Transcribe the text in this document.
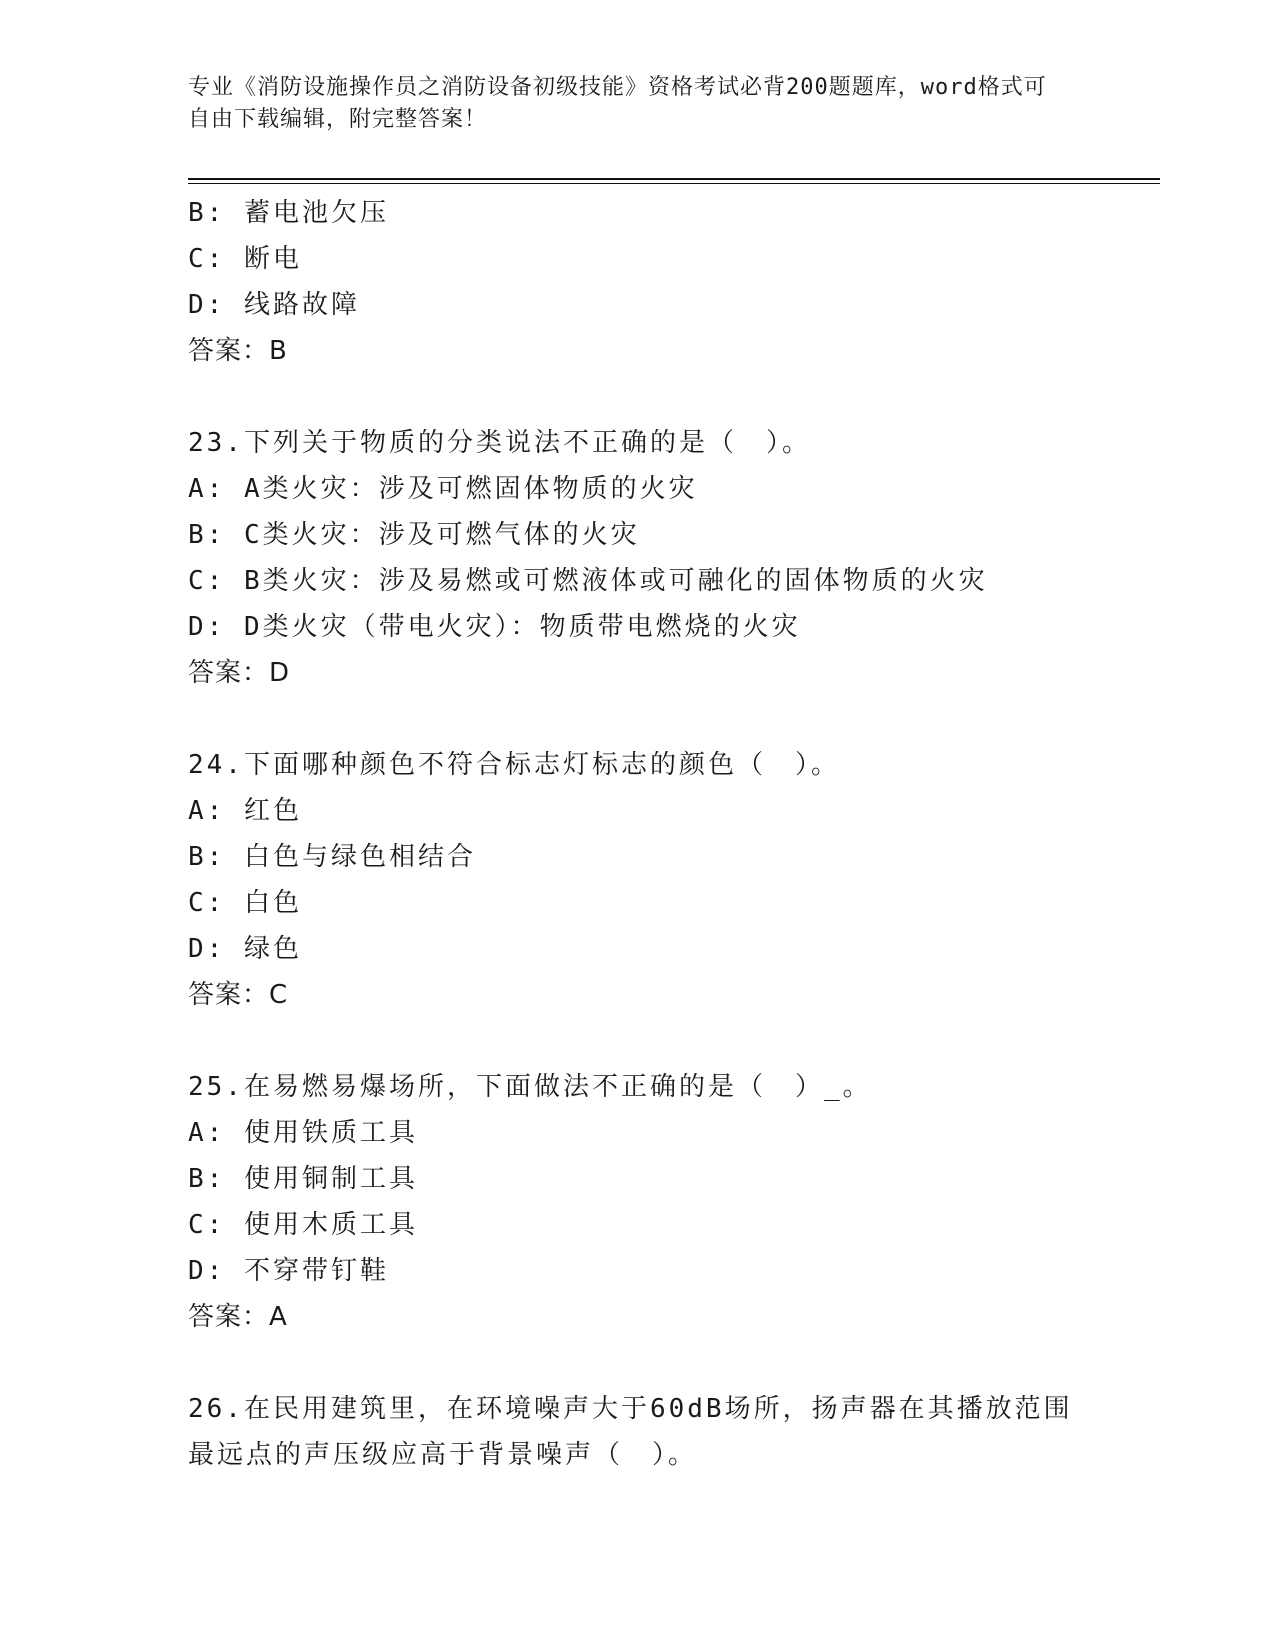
专业《消防设施操作员之消防设备初级技能》资格考试必背200题题库，word格式可自由下载编辑，附完整答案！
B: 蓄电池欠压
C: 断电
D: 线路故障
答案：B
23.下列关于物质的分类说法不正确的是（　）。
A: A类火灾：涉及可燃固体物质的火灾
B: C类火灾：涉及可燃气体的火灾
C: B类火灾：涉及易燃或可燃液体或可融化的固体物质的火灾
D: D类火灾（带电火灾）：物质带电燃烧的火灾
答案：D
24.下面哪种颜色不符合标志灯标志的颜色（　）。
A: 红色
B: 白色与绿色相结合
C: 白色
D: 绿色
答案：C
25.在易燃易爆场所，下面做法不正确的是（　）_。
A: 使用铁质工具
B: 使用铜制工具
C: 使用木质工具
D: 不穿带钉鞋
答案：A
26.在民用建筑里，在环境噪声大于60dB场所，扬声器在其播放范围
最远点的声压级应高于背景噪声（　）。
